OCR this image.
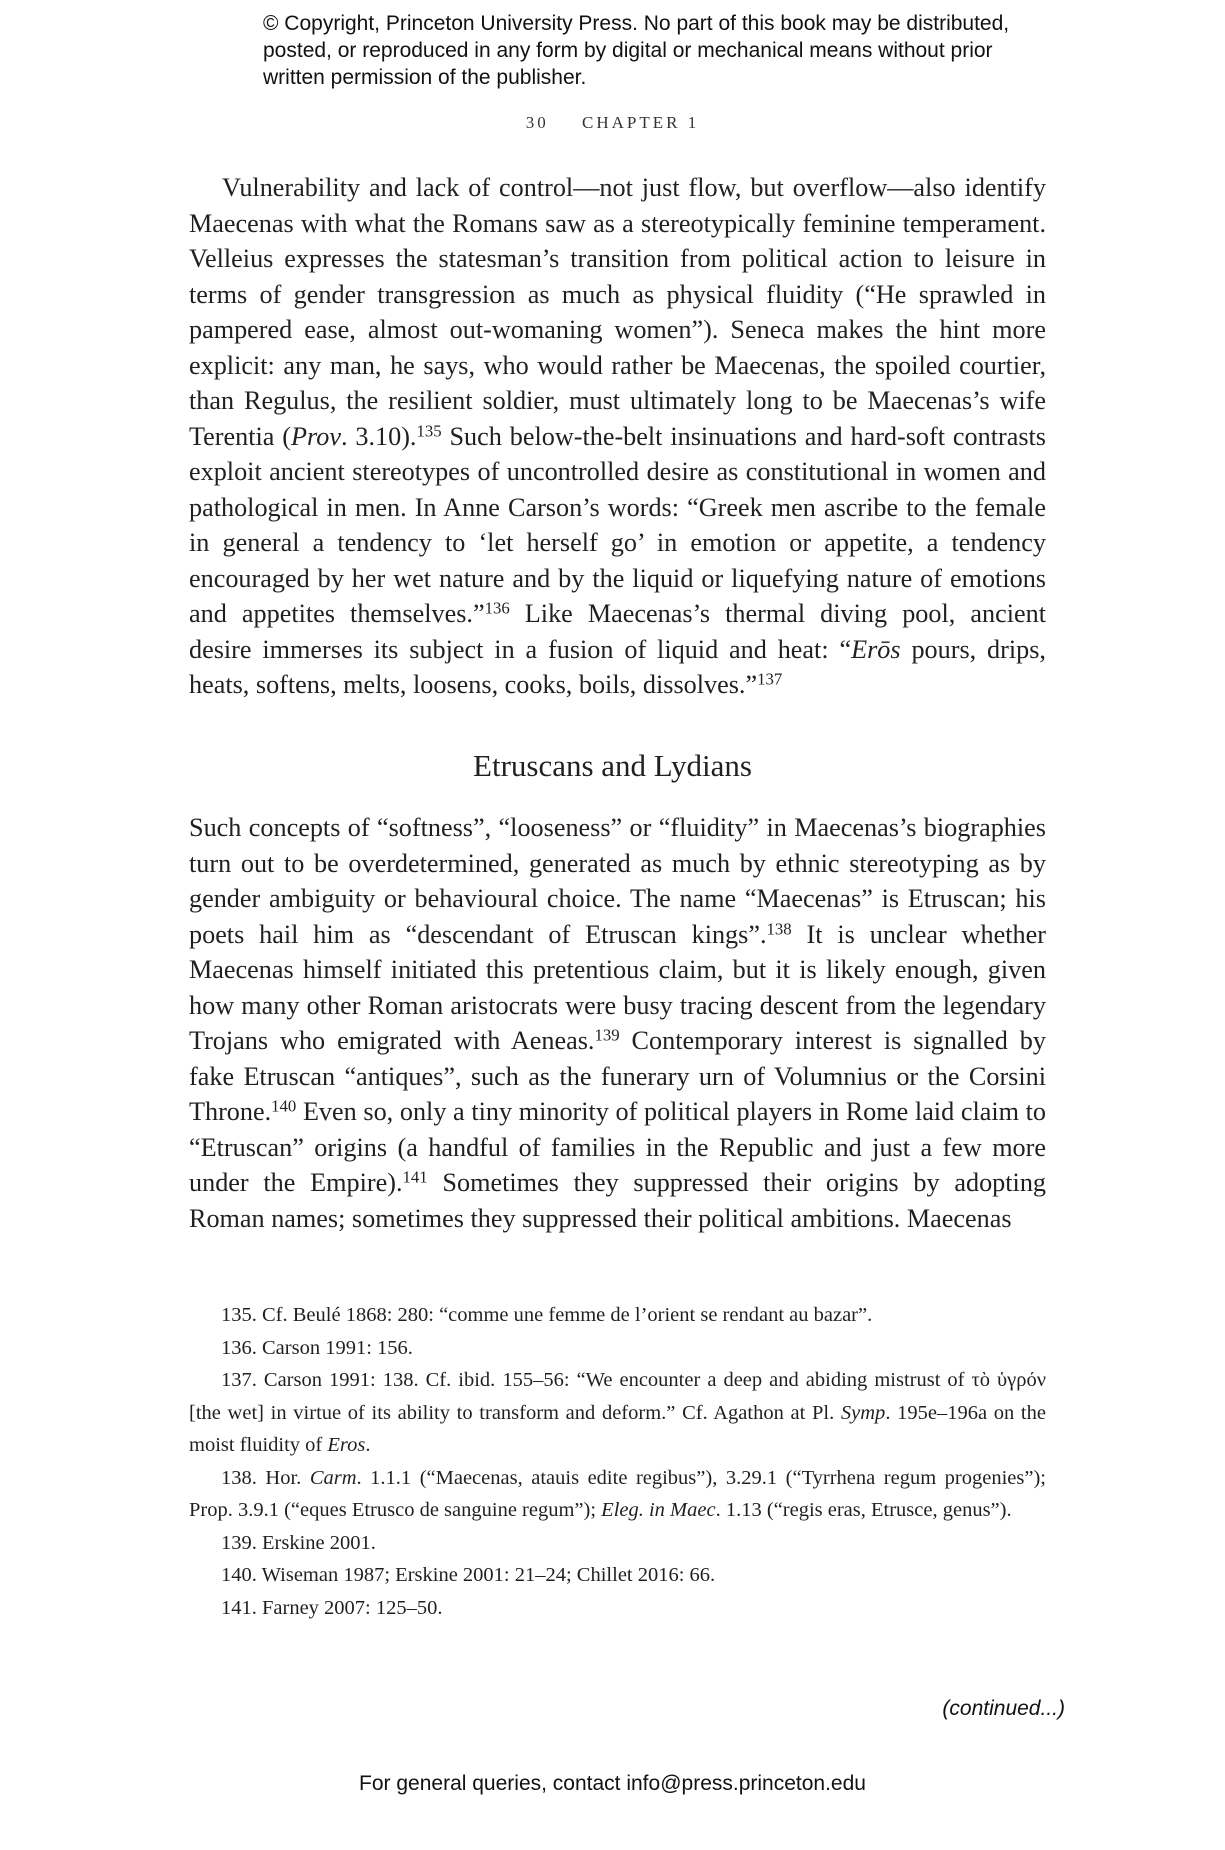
© Copyright, Princeton University Press. No part of this book may be distributed, posted, or reproduced in any form by digital or mechanical means without prior written permission of the publisher.
30 CHAPTER 1

Vulnerability and lack of control—not just flow, but overflow—also identify Maecenas with what the Romans saw as a stereotypically feminine temperament. Velleius expresses the statesman’s transition from political action to leisure in terms of gender transgression as much as physical fluidity (“He sprawled in pampered ease, almost out-womaning women”). Seneca makes the hint more explicit: any man, he says, who would rather be Maecenas, the spoiled courtier, than Regulus, the resilient soldier, must ultimately long to be Maecenas’s wife Terentia (Prov. 3.10).$^{135}$ Such below-the-belt insinuations and hard-soft contrasts exploit ancient stereotypes of uncontrolled desire as constitutional in women and pathological in men. In Anne Carson’s words: “Greek men ascribe to the female in general a tendency to ‘let herself go’ in emotion or appetite, a tendency encouraged by her wet nature and by the liquid or liquefying nature of emotions and appetites themselves.”$^{136}$ Like Maecenas’s thermal diving pool, ancient desire immerses its subject in a fusion of liquid and heat: “Erōs pours, drips, heats, softens, melts, loosens, cooks, boils, dissolves.”$^{137}$

Etruscans and Lydians

Such concepts of “softness”, “looseness” or “fluidity” in Maecenas’s biographies turn out to be overdetermined, generated as much by ethnic stereotyping as by gender ambiguity or behavioural choice. The name “Maecenas” is Etruscan; his poets hail him as “descendant of Etruscan kings”.$^{138}$ It is unclear whether Maecenas himself initiated this pretentious claim, but it is likely enough, given how many other Roman aristocrats were busy tracing descent from the legendary Trojans who emigrated with Aeneas.$^{139}$ Contemporary interest is signalled by fake Etruscan “antiques”, such as the funerary urn of Volumnius or the Corsini Throne.$^{140}$ Even so, only a tiny minority of political players in Rome laid claim to “Etruscan” origins (a handful of families in the Republic and just a few more under the Empire).$^{141}$ Sometimes they suppressed their origins by adopting Roman names; sometimes they suppressed their political ambitions. Maecenas

135. Cf. Beulé 1868: 280: “comme une femme de l’orient se rendant au bazar”.

136. Carson 1991: 156.

137. Carson 1991: 138. Cf. ibid. 155–56: “We encounter a deep and abiding mistrust of τὸ ὑγρόν [the wet] in virtue of its ability to transform and deform.” Cf. Agathon at Pl. Symp. 195e–196a on the moist fluidity of Eros.

138. Hor. Carm. 1.1.1 (“Maecenas, atauis edite regibus”), 3.29.1 (“Tyrrhena regum progenies”); Prop. 3.9.1 (“eques Etrusco de sanguine regum”); Eleg. in Maec. 1.13 (“regis eras, Etrusce, genus”).

139. Erskine 2001.

140. Wiseman 1987; Erskine 2001: 21–24; Chillet 2016: 66.

141. Farney 2007: 125–50.

(continued...)
For general queries, contact info@press.princeton.edu
